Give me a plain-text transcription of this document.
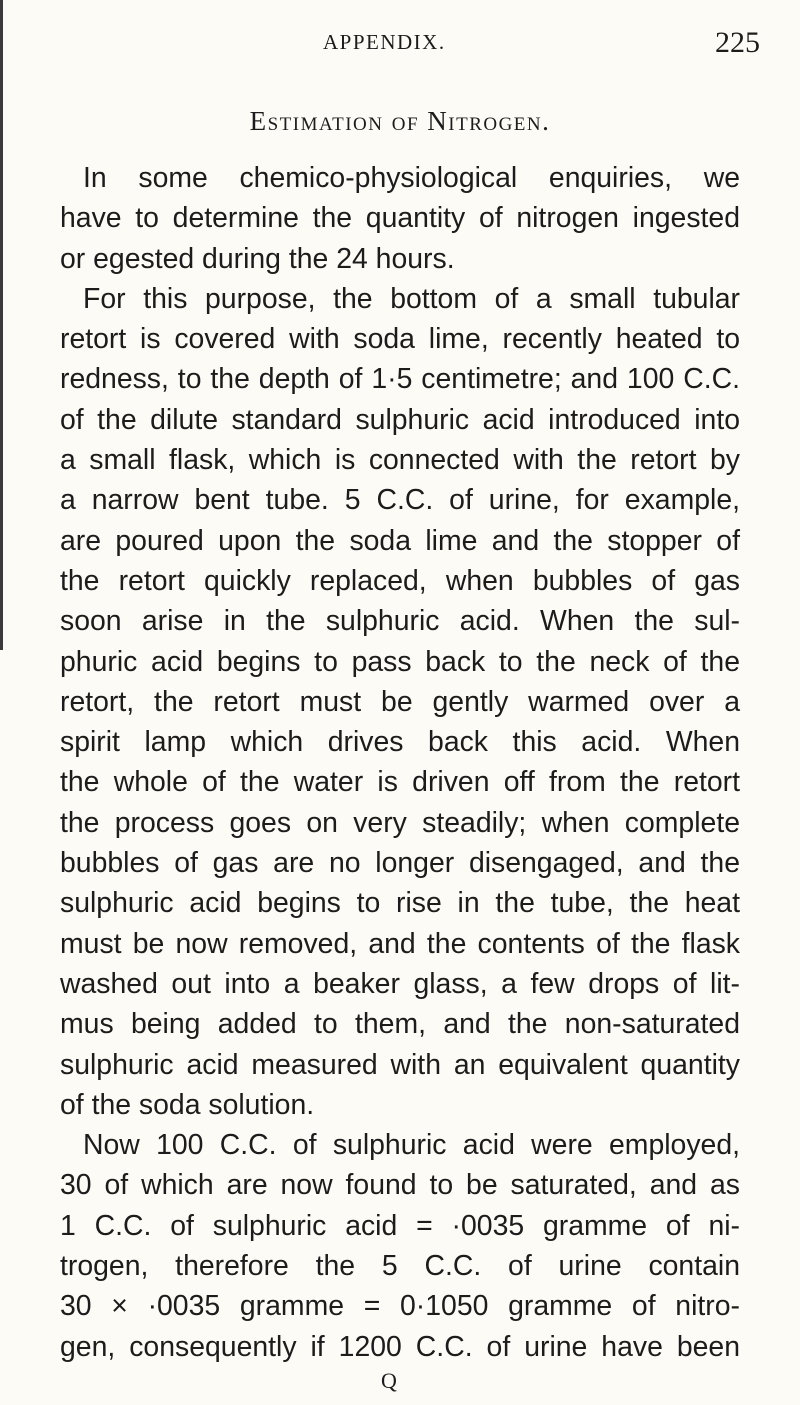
APPENDIX.	225
Estimation of Nitrogen.
In some chemico-physiological enquiries, we
have to determine the quantity of nitrogen ingested
or egested during the 24 hours.
For this purpose, the bottom of a small tubular
retort is covered with soda lime, recently heated to
redness, to the depth of 1·5 centimetre; and 100 C.C.
of the dilute standard sulphuric acid introduced into
a small flask, which is connected with the retort by
a narrow bent tube. 5 C.C. of urine, for example,
are poured upon the soda lime and the stopper of
the retort quickly replaced, when bubbles of gas
soon arise in the sulphuric acid. When the sul-
phuric acid begins to pass back to the neck of the
retort, the retort must be gently warmed over a
spirit lamp which drives back this acid. When
the whole of the water is driven off from the retort
the process goes on very steadily; when complete
bubbles of gas are no longer disengaged, and the
sulphuric acid begins to rise in the tube, the heat
must be now removed, and the contents of the flask
washed out into a beaker glass, a few drops of lit-
mus being added to them, and the non-saturated
sulphuric acid measured with an equivalent quantity
of the soda solution.
Now 100 C.C. of sulphuric acid were employed,
30 of which are now found to be saturated, and as
1 C.C. of sulphuric acid = ·0035 gramme of ni-
trogen, therefore the 5 C.C. of urine contain
30 × ·0035 gramme = 0·1050 gramme of nitro-
gen, consequently if 1200 C.C. of urine have been
Q
